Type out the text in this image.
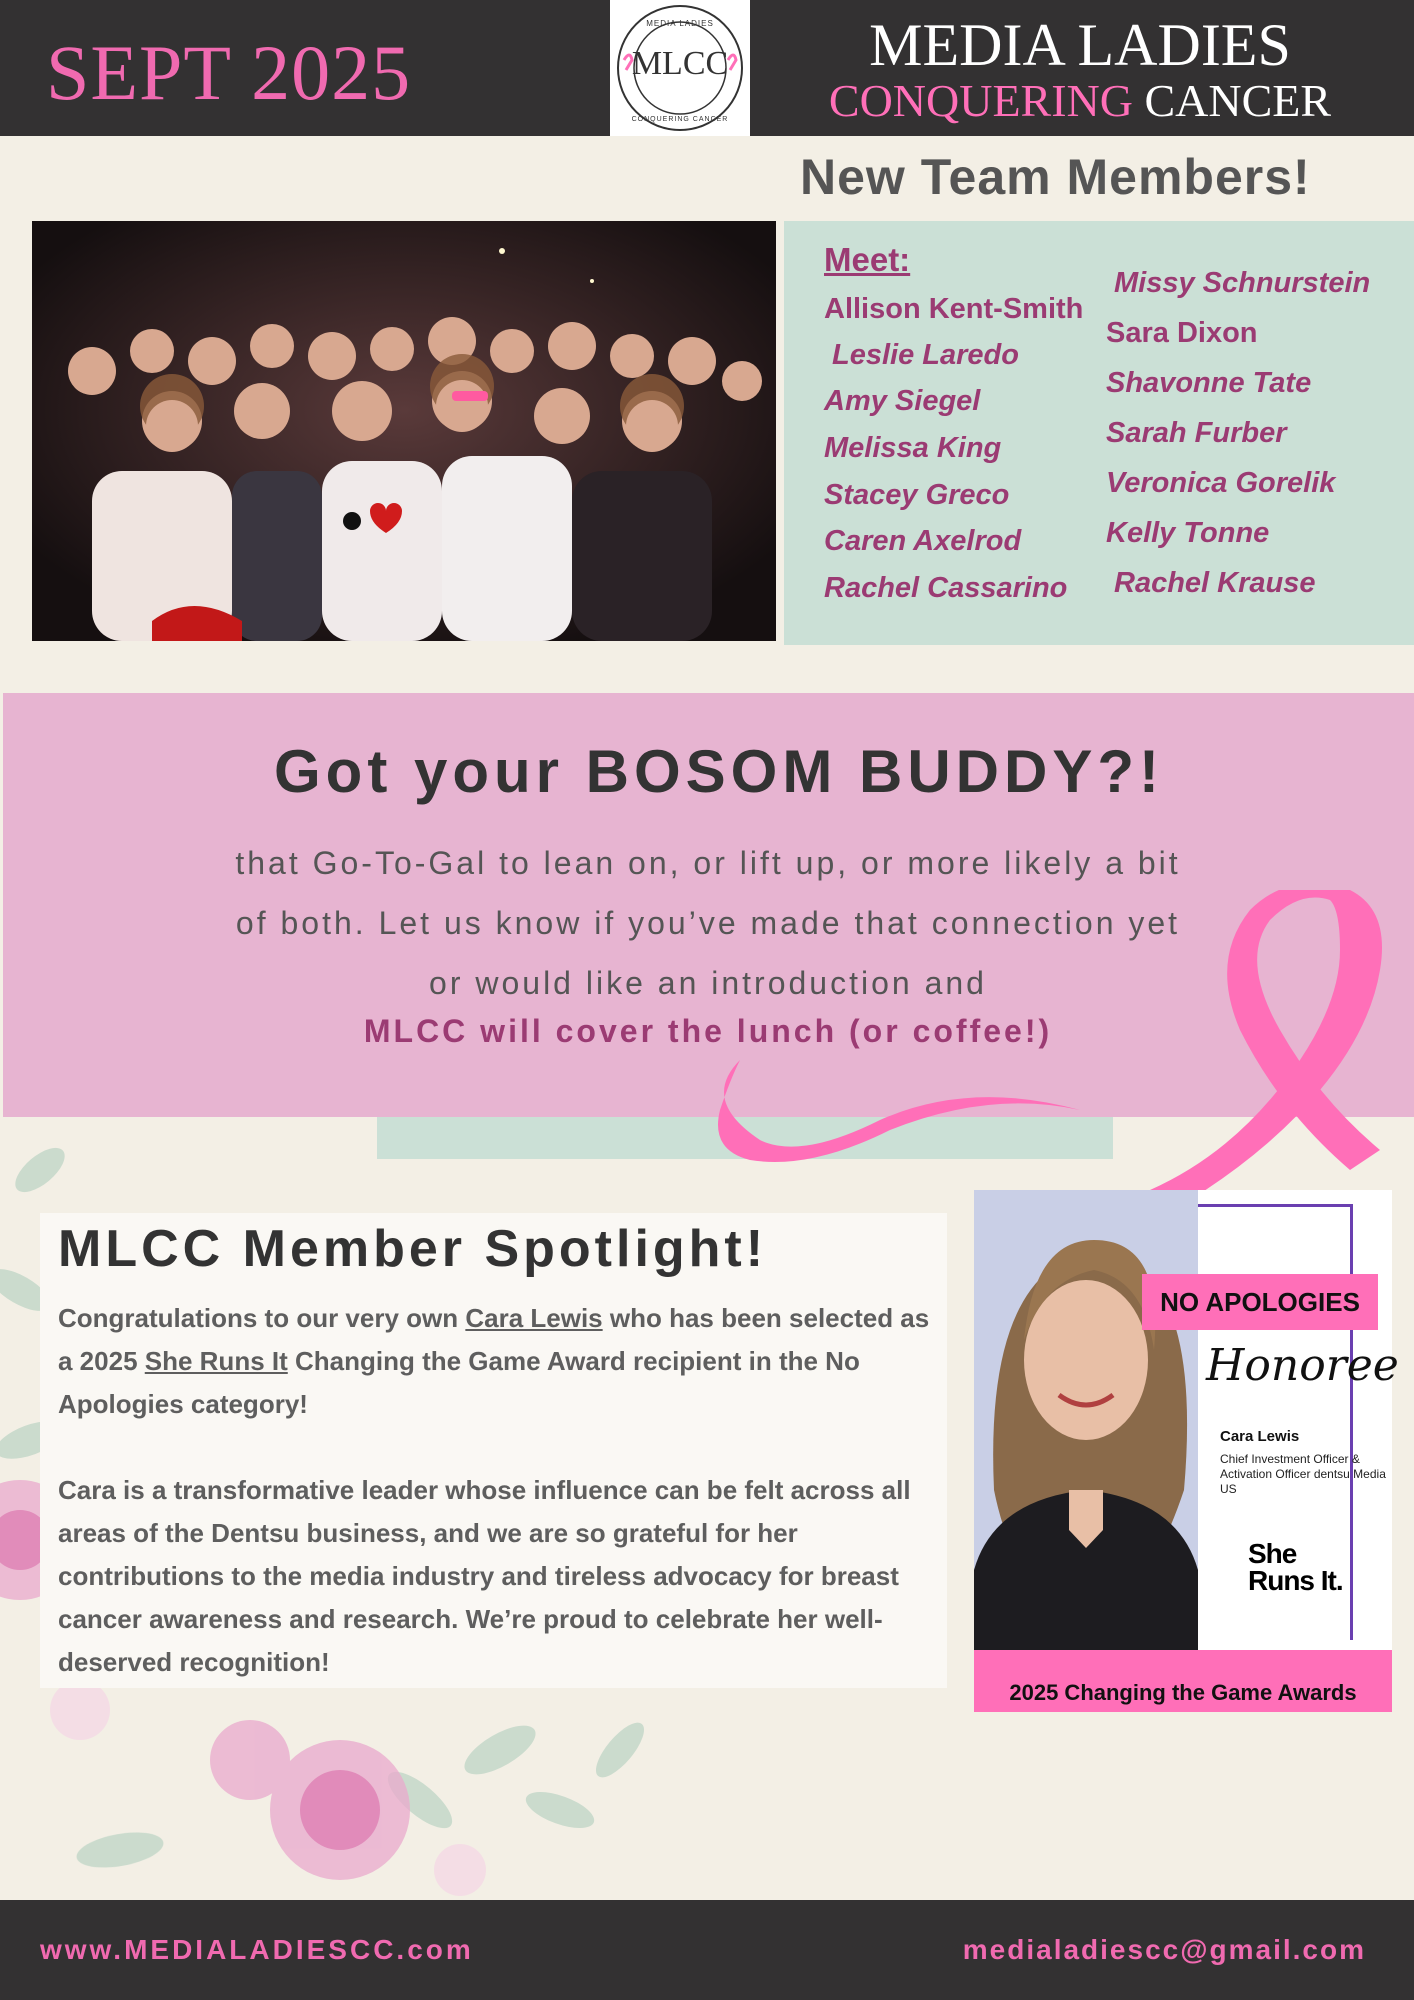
SEPT 2025
MEDIA LADIES
CONQUERING CANCER
MLCC	MEDIA LADIES
CONQUERING CANCER
New Team Members!
Meet:
Allison Kent-Smith
Leslie Laredo
Amy Siegel
Melissa King
Stacey Greco
Caren Axelrod
Rachel Cassarino
Missy Schnurstein
Sara Dixon
Shavonne Tate
Sarah Furber
Veronica Gorelik
Kelly Tonne
Rachel Krause
Got your BOSOM BUDDY?!
that Go-To-Gal to lean on, or lift up, or more likely a bit
of both. Let us know if you’ve made that connection yet
or would like an introduction and
MLCC will cover the lunch (or coffee!)
MLCC Member Spotlight!
Congratulations to our very own Cara Lewis who has been selected as a 2025 She Runs It Changing the Game Award recipient in the No Apologies category!
Cara is a transformative leader whose influence can be felt across all areas of the Dentsu business, and we are so grateful for her contributions to the media industry and tireless advocacy for breast cancer awareness and research. We’re proud to celebrate her well-deserved recognition!
NO APOLOGIES
Honoree
Cara Lewis
Chief Investment Officer & Activation Officer dentsu Media US
She Runs It.
2025 Changing the Game Awards
www.MEDIALADIESCC.com	medialadiescc@gmail.com
